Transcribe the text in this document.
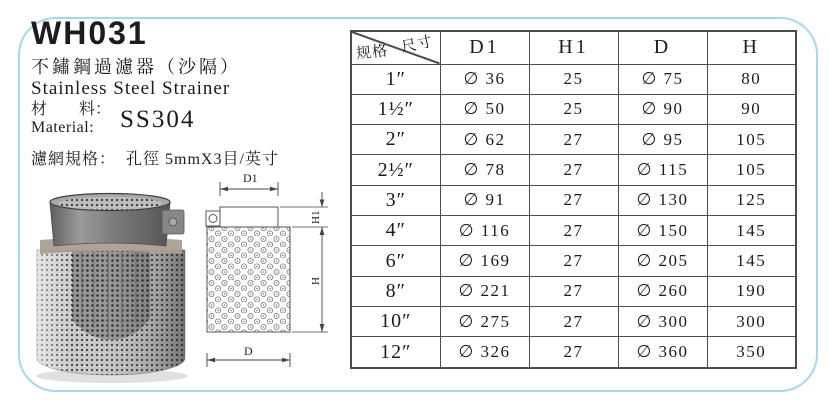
WH031
不鏽鋼過濾器（沙隔）
Stainless Steel Strainer
材　　料：
Material:	SS304
濾網規格： 孔徑 5mmX3目/英寸
D1
H1
H
D
尺寸
规格	D1	H1	D	H
1″	∅ 36	25	∅ 75	80
1½″	∅ 50	25	∅ 90	90
2″	∅ 62	27	∅ 95	105
2½″	∅ 78	27	∅ 115	105
3″	∅ 91	27	∅ 130	125
4″	∅ 116	27	∅ 150	145
6″	∅ 169	27	∅ 205	145
8″	∅ 221	27	∅ 260	190
10″	∅ 275	27	∅ 300	300
12″	∅ 326	27	∅ 360	350
